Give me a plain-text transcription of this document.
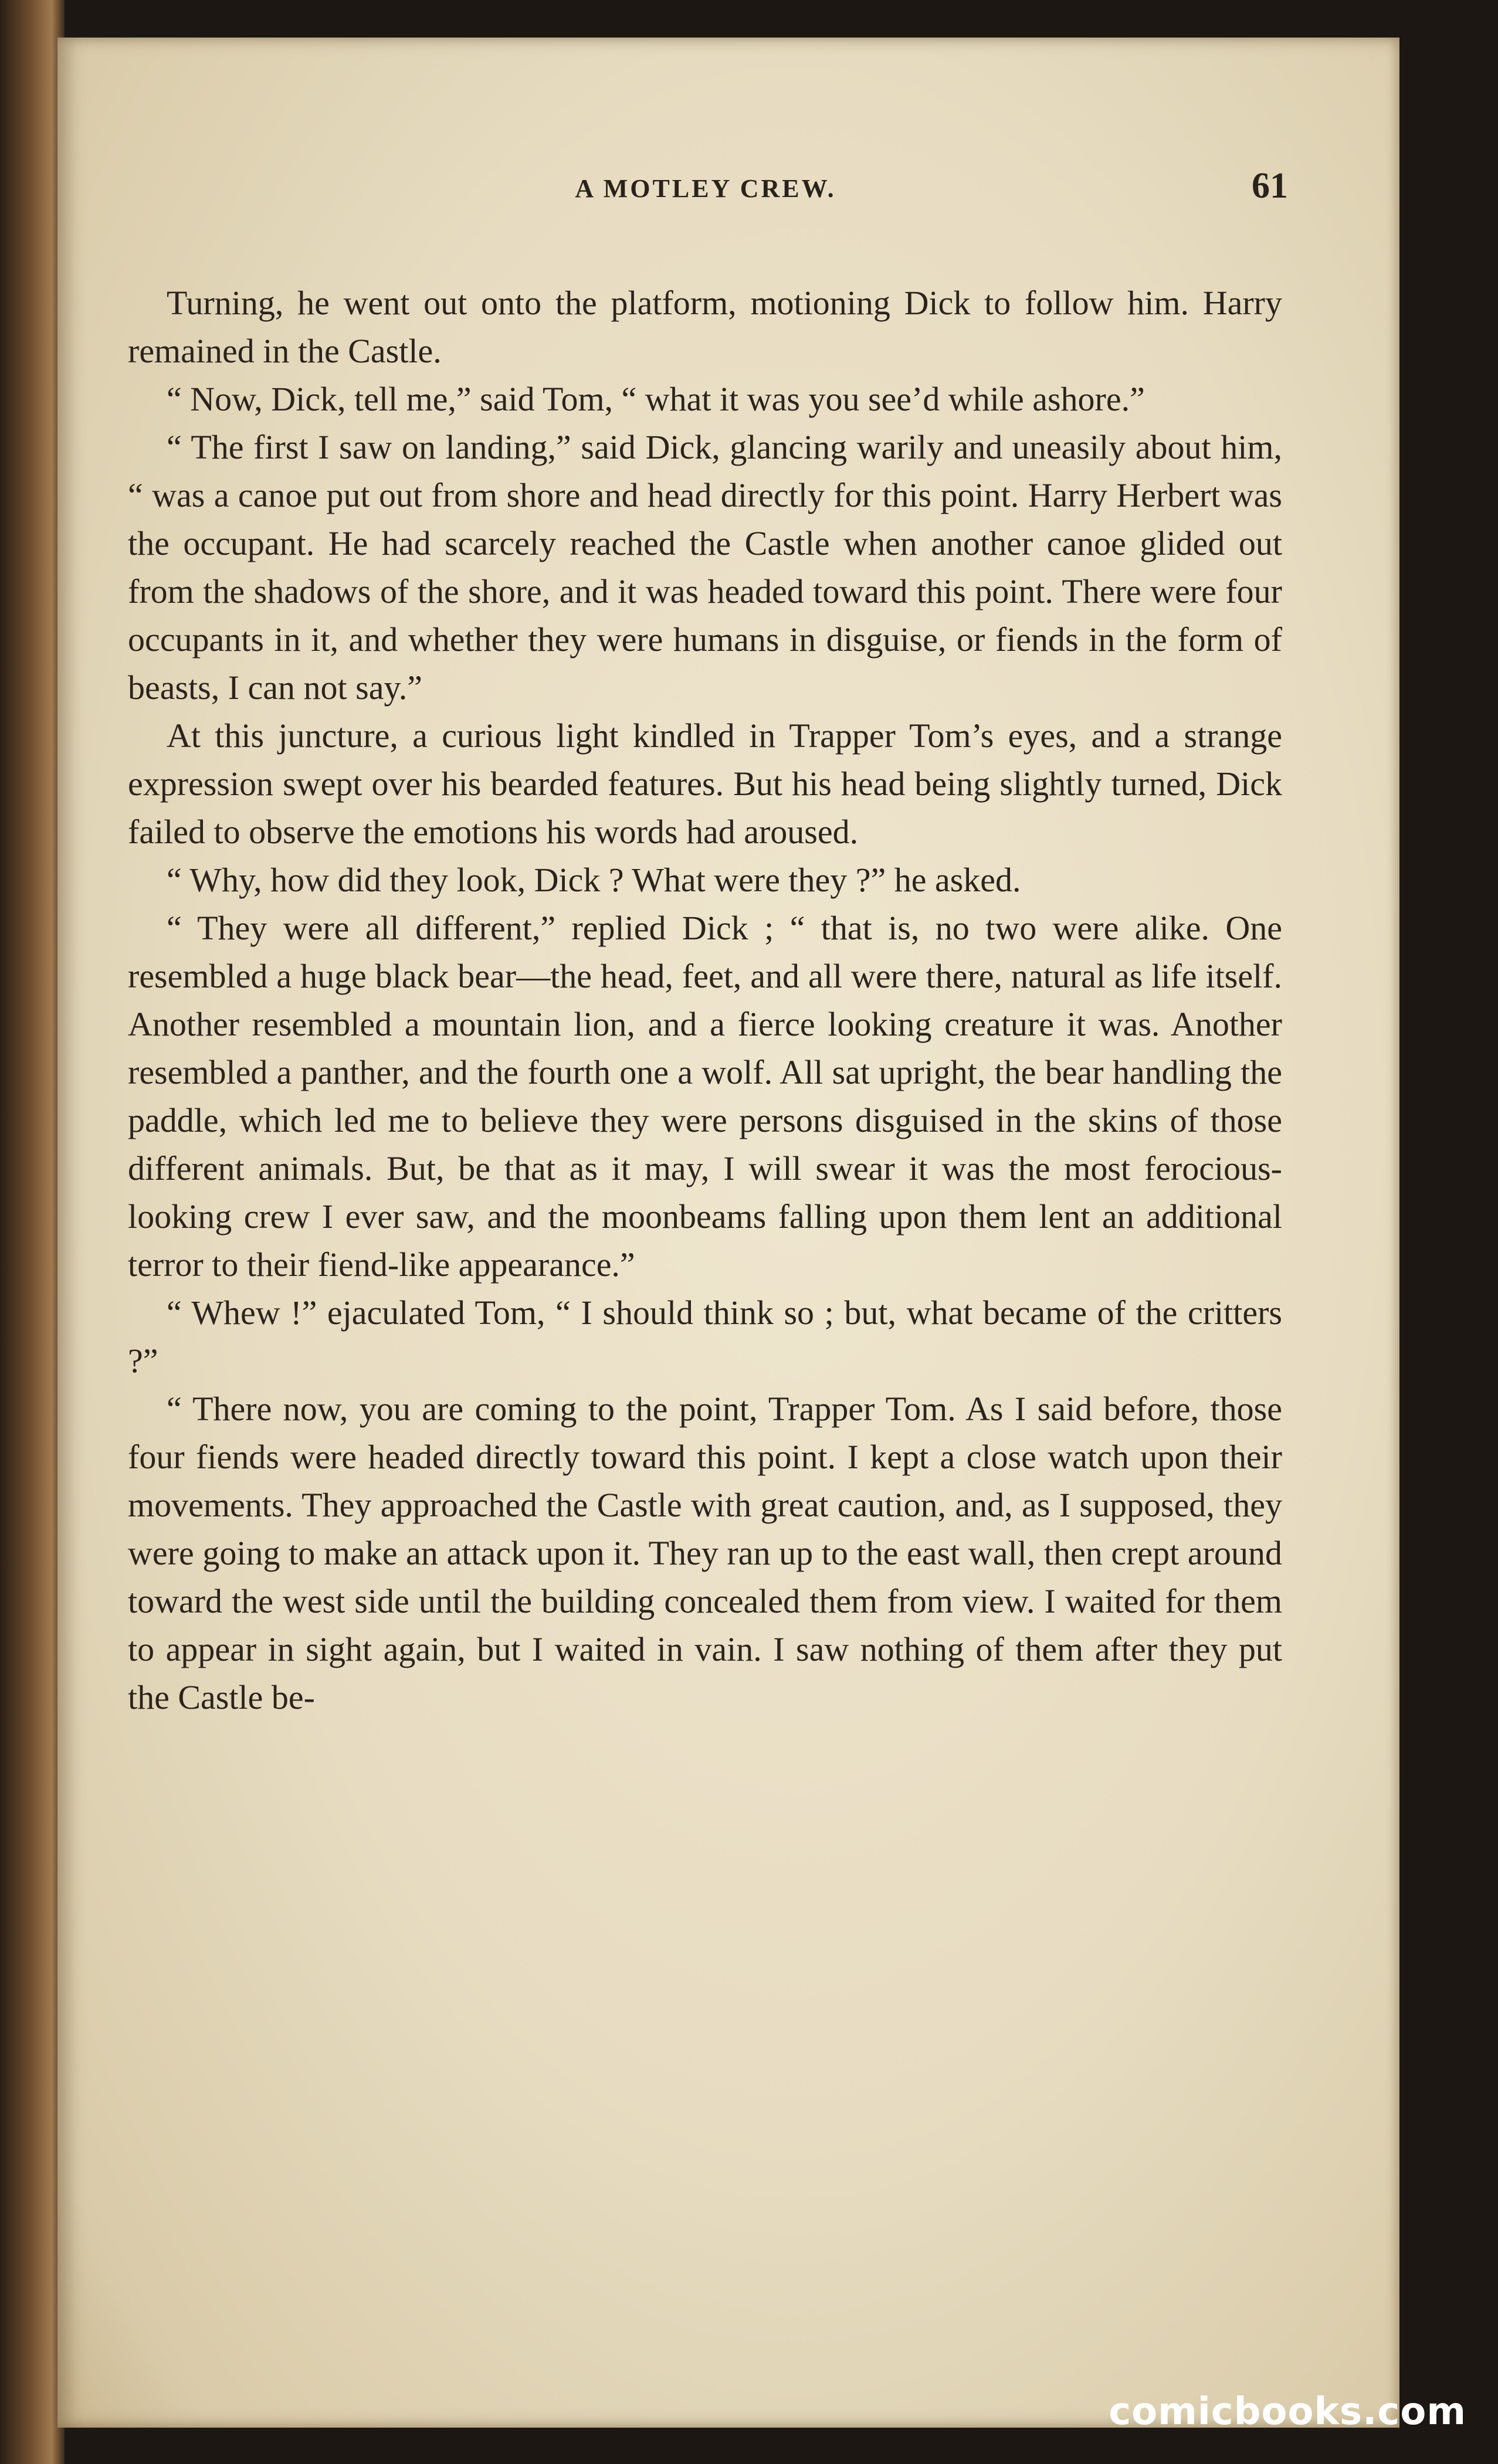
A MOTLEY CREW.	61

Turning, he went out onto the platform, motioning Dick to follow him. Harry remained in the Castle.

“ Now, Dick, tell me,” said Tom, “ what it was you see’d while ashore.”

“ The first I saw on landing,” said Dick, glancing warily and uneasily about him, “ was a canoe put out from shore and head directly for this point. Harry Herbert was the occupant. He had scarcely reached the Castle when another canoe glided out from the shadows of the shore, and it was headed toward this point. There were four occupants in it, and whether they were humans in disguise, or fiends in the form of beasts, I can not say.”

At this juncture, a curious light kindled in Trapper Tom’s eyes, and a strange expression swept over his bearded features. But his head being slightly turned, Dick failed to observe the emotions his words had aroused.

“ Why, how did they look, Dick ? What were they ?” he asked.

“ They were all different,” replied Dick ; “ that is, no two were alike. One resembled a huge black bear—the head, feet, and all were there, natural as life itself. Another resembled a mountain lion, and a fierce looking creature it was. Another resembled a panther, and the fourth one a wolf. All sat upright, the bear handling the paddle, which led me to believe they were persons disguised in the skins of those different animals. But, be that as it may, I will swear it was the most ferocious-looking crew I ever saw, and the moonbeams falling upon them lent an additional terror to their fiend-like appearance.”

“ Whew !” ejaculated Tom, “ I should think so ; but, what became of the critters ?”

“ There now, you are coming to the point, Trapper Tom. As I said before, those four fiends were headed directly toward this point. I kept a close watch upon their movements. They approached the Castle with great caution, and, as I supposed, they were going to make an attack upon it. They ran up to the east wall, then crept around toward the west side until the building concealed them from view. I waited for them to appear in sight again, but I waited in vain. I saw nothing of them after they put the Castle be-

comicbooks.com
